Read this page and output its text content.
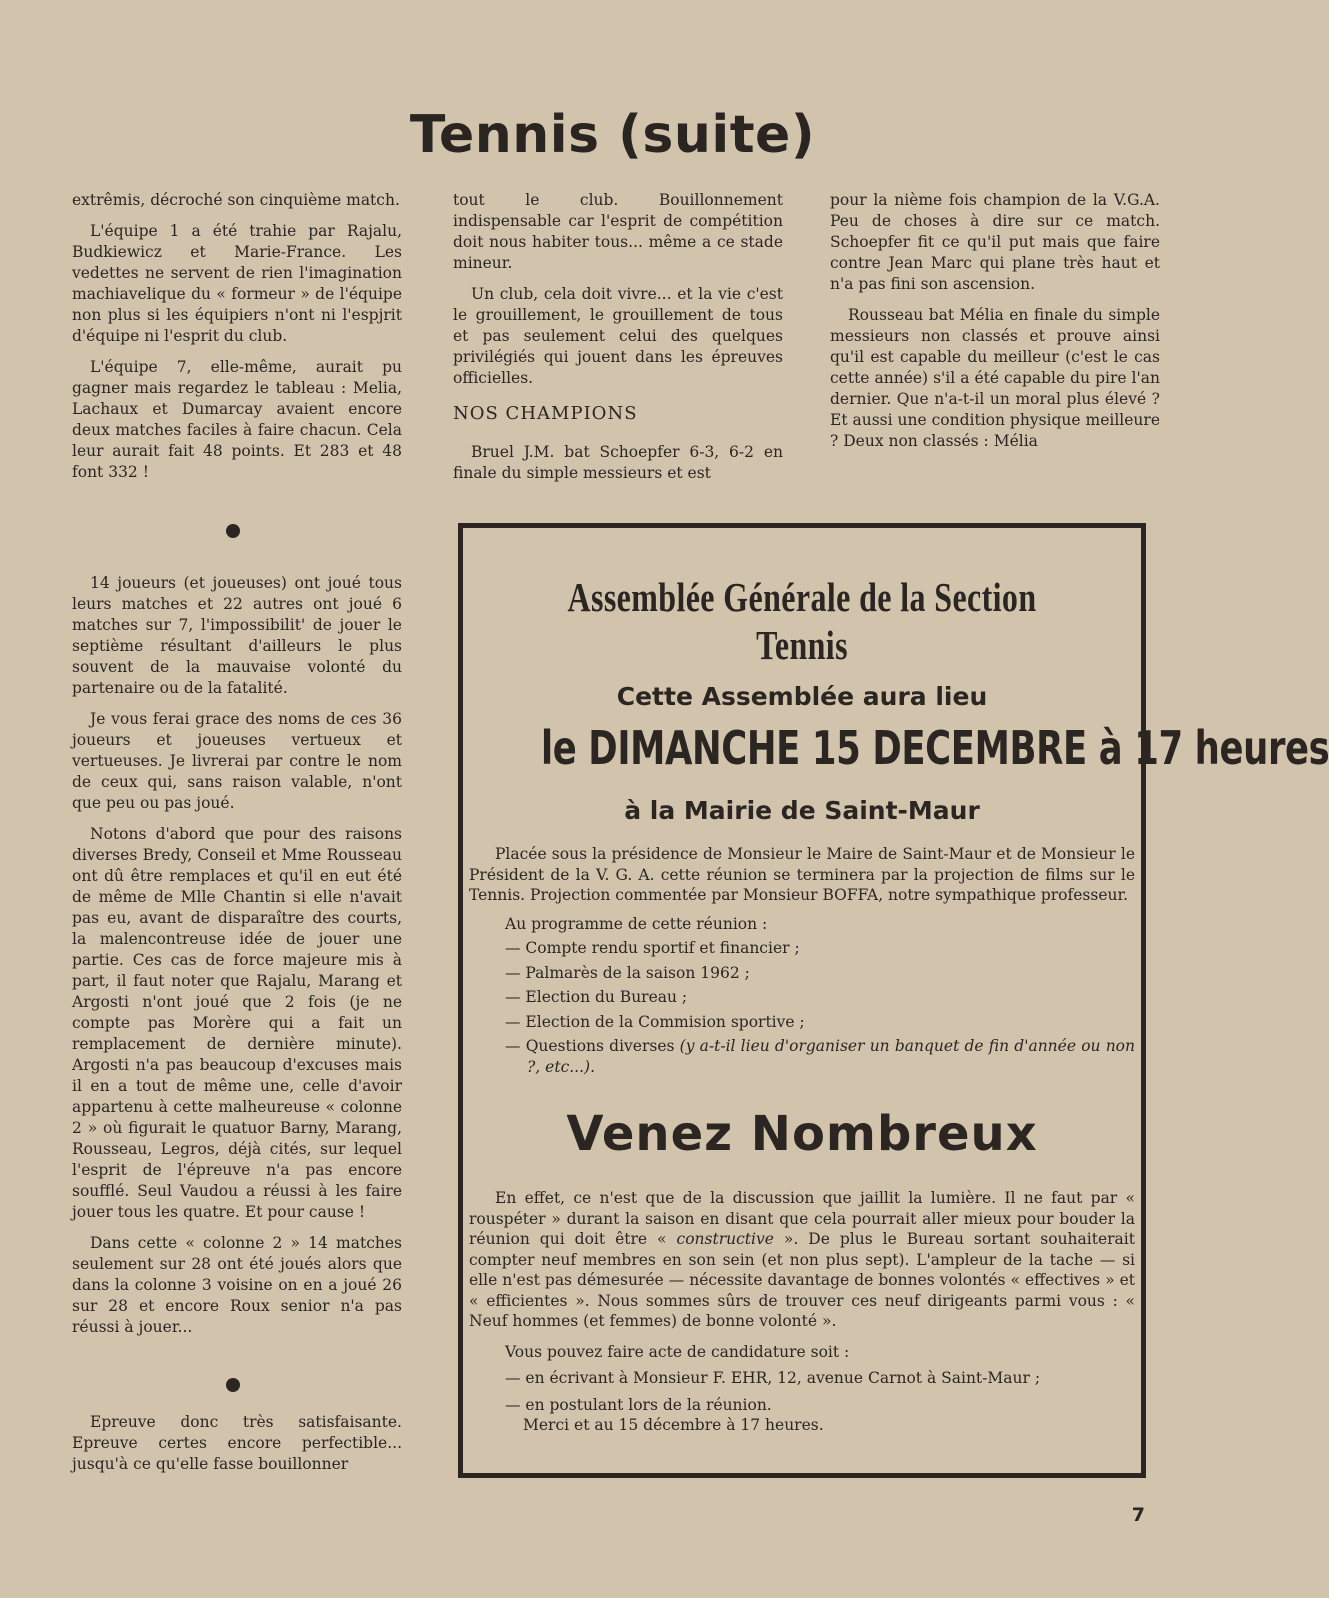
Tennis (suite)

extrêmis, décroché son cinquième match.

L'équipe 1 a été trahie par Rajalu, Budkiewicz et Marie-France. Les vedettes ne servent de rien l'imagination machiavelique du « formeur » de l'équipe non plus si les équipiers n'ont ni l'espjrit d'équipe ni l'esprit du club.

L'équipe 7, elle-même, aurait pu gagner mais regardez le tableau : Melia, Lachaux et Dumarcay avaient encore deux matches faciles à faire chacun. Cela leur aurait fait 48 points. Et 283 et 48 font 332 !

14 joueurs (et joueuses) ont joué tous leurs matches et 22 autres ont joué 6 matches sur 7, l'impossibilit' de jouer le septième résultant d'ailleurs le plus souvent de la mauvaise volonté du partenaire ou de la fatalité.

Je vous ferai grace des noms de ces 36 joueurs et joueuses vertueux et vertueuses. Je livrerai par contre le nom de ceux qui, sans raison valable, n'ont que peu ou pas joué.

Notons d'abord que pour des raisons diverses Bredy, Conseil et Mme Rousseau ont dû être remplaces et qu'il en eut été de même de Mlle Chantin si elle n'avait pas eu, avant de disparaître des courts, la malencontreuse idée de jouer une partie. Ces cas de force majeure mis à part, il faut noter que Rajalu, Marang et Argosti n'ont joué que 2 fois (je ne compte pas Morère qui a fait un remplacement de dernière minute). Argosti n'a pas beaucoup d'excuses mais il en a tout de même une, celle d'avoir appartenu à cette malheureuse « colonne 2 » où figurait le quatuor Barny, Marang, Rousseau, Legros, déjà cités, sur lequel l'esprit de l'épreuve n'a pas encore soufflé. Seul Vaudou a réussi à les faire jouer tous les quatre. Et pour cause !

Dans cette « colonne 2 » 14 matches seulement sur 28 ont été joués alors que dans la colonne 3 voisine on en a joué 26 sur 28 et encore Roux senior n'a pas réussi à jouer...

Epreuve donc très satisfaisante. Epreuve certes encore perfectible... jusqu'à ce qu'elle fasse bouillonner

tout le club. Bouillonnement indispensable car l'esprit de compétition doit nous habiter tous... même a ce stade mineur.

Un club, cela doit vivre... et la vie c'est le grouillement, le grouillement de tous et pas seulement celui des quelques privilégiés qui jouent dans les épreuves officielles.

NOS CHAMPIONS

Bruel J.M. bat Schoepfer 6-3, 6-2 en finale du simple messieurs et est

pour la nième fois champion de la V.G.A. Peu de choses à dire sur ce match. Schoepfer fit ce qu'il put mais que faire contre Jean Marc qui plane très haut et n'a pas fini son ascension.

Rousseau bat Mélia en finale du simple messieurs non classés et prouve ainsi qu'il est capable du meilleur (c'est le cas cette année) s'il a été capable du pire l'an dernier. Que n'a-t-il un moral plus élevé ? Et aussi une condition physique meilleure ? Deux non classés : Mélia

Assemblée Générale de la Section Tennis
Cette Assemblée aura lieu
le DIMANCHE 15 DECEMBRE à 17 heures
à la Mairie de Saint-Maur

Placée sous la présidence de Monsieur le Maire de Saint-Maur et de Monsieur le Président de la V. G. A. cette réunion se terminera par la projection de films sur le Tennis. Projection commentée par Monsieur BOFFA, notre sympathique professeur.

Au programme de cette réunion :

— Compte rendu sportif et financier ;

— Palmarès de la saison 1962 ;

— Election du Bureau ;

— Election de la Commision sportive ;

— Questions diverses (y a-t-il lieu d'organiser un banquet de fin d'année ou non ?, etc...).

Venez Nombreux

En effet, ce n'est que de la discussion que jaillit la lumière. Il ne faut par « rouspéter » durant la saison en disant que cela pourrait aller mieux pour bouder la réunion qui doit être « constructive ». De plus le Bureau sortant souhaiterait compter neuf membres en son sein (et non plus sept). L'ampleur de la tache — si elle n'est pas démesurée — nécessite davantage de bonnes volontés « effectives » et « efficientes ». Nous sommes sûrs de trouver ces neuf dirigeants parmi vous : « Neuf hommes (et femmes) de bonne volonté ».

Vous pouvez faire acte de candidature soit :

— en écrivant à Monsieur F. EHR, 12, avenue Carnot à Saint-Maur ;

— en postulant lors de la réunion.

Merci et au 15 décembre à 17 heures.

7
